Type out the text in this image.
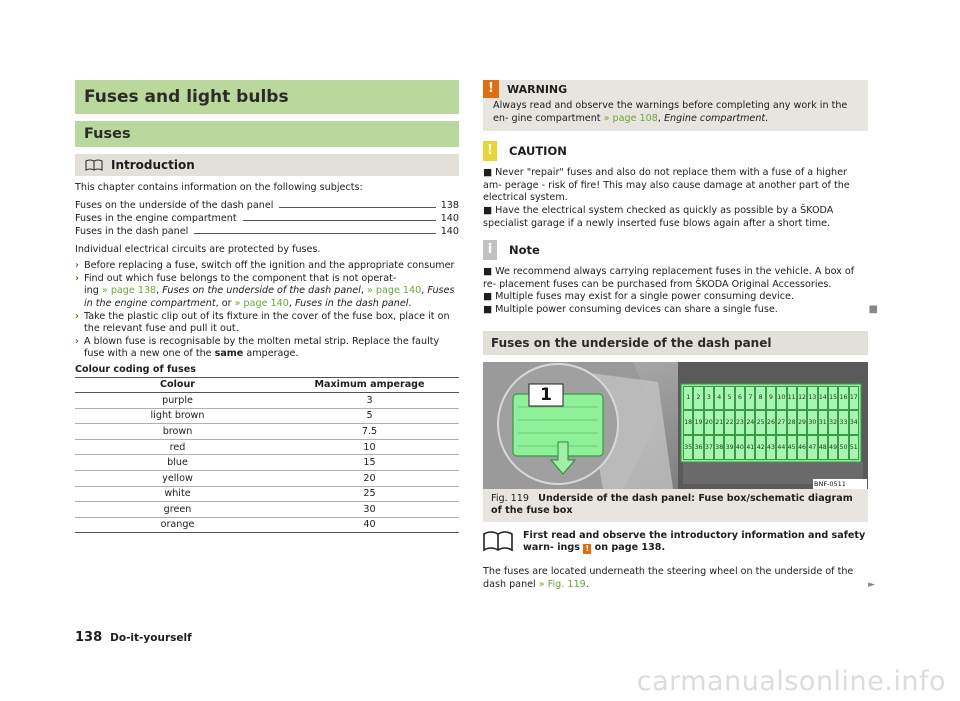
Fuses and light bulbs
Fuses
Introduction

This chapter contains information on the following subjects:

Fuses on the underside of the dash panel	138
Fuses in the engine compartment	140
Fuses in the dash panel	140

Individual electrical circuits are protected by fuses.

› Before replacing a fuse, switch off the ignition and the appropriate consumer
› Find out which fuse belongs to the component that is not operat-
ing » page 138, Fuses on the underside of the dash panel, » page 140, Fuses
in the engine compartment, or » page 140, Fuses in the dash panel.
› Take the plastic clip out of its fixture in the cover of the fuse box, place it on the relevant fuse and pull it out.
› A blown fuse is recognisable by the molten metal strip. Replace the faulty fuse with a new one of the same amperage.
Colour coding of fuses
Colour	Maximum amperage
purple	3
light brown	5
brown	7.5
red	10
blue	15
yellow	20
white	25
green	30
orange	40
!	WARNING

Always read and observe the warnings before completing any work in the en- gine compartment » page 108, Engine compartment.

!	CAUTION

■ Never "repair" fuses and also do not replace them with a fuse of a higher am- perage - risk of fire! This may also cause damage at another part of the electrical system.

■ Have the electrical system checked as quickly as possible by a ŠKODA specialist garage if a newly inserted fuse blows again after a short time.

i	Note

■ We recommend always carrying replacement fuses in the vehicle. A box of re- placement fuses can be purchased from ŠKODA Original Accessories.

■ Multiple fuses may exist for a single power consuming device.

■ Multiple power consuming devices can share a single fuse.	■

Fuses on the underside of the dash panel
1
BNF-0511
1	2	3	4	5	6	7	8	9 10 11 12 13 14 15 16 17
18 19 20 21 22 23 24 25 26 27 28 29 30 31 32 33 34
35 36 37 38 39 40 41 42 43 44 45 46 47 48 49 50 51
Fig. 119 Underside of the dash panel: Fuse box/schematic diagram of the fuse box

First read and observe the introductory information and safety warn- ings ! on page 138.

The fuses are located underneath the steering wheel on the underside of the dash panel » Fig. 119.	►

138 Do-it-yourself
carmanualsonline.info
